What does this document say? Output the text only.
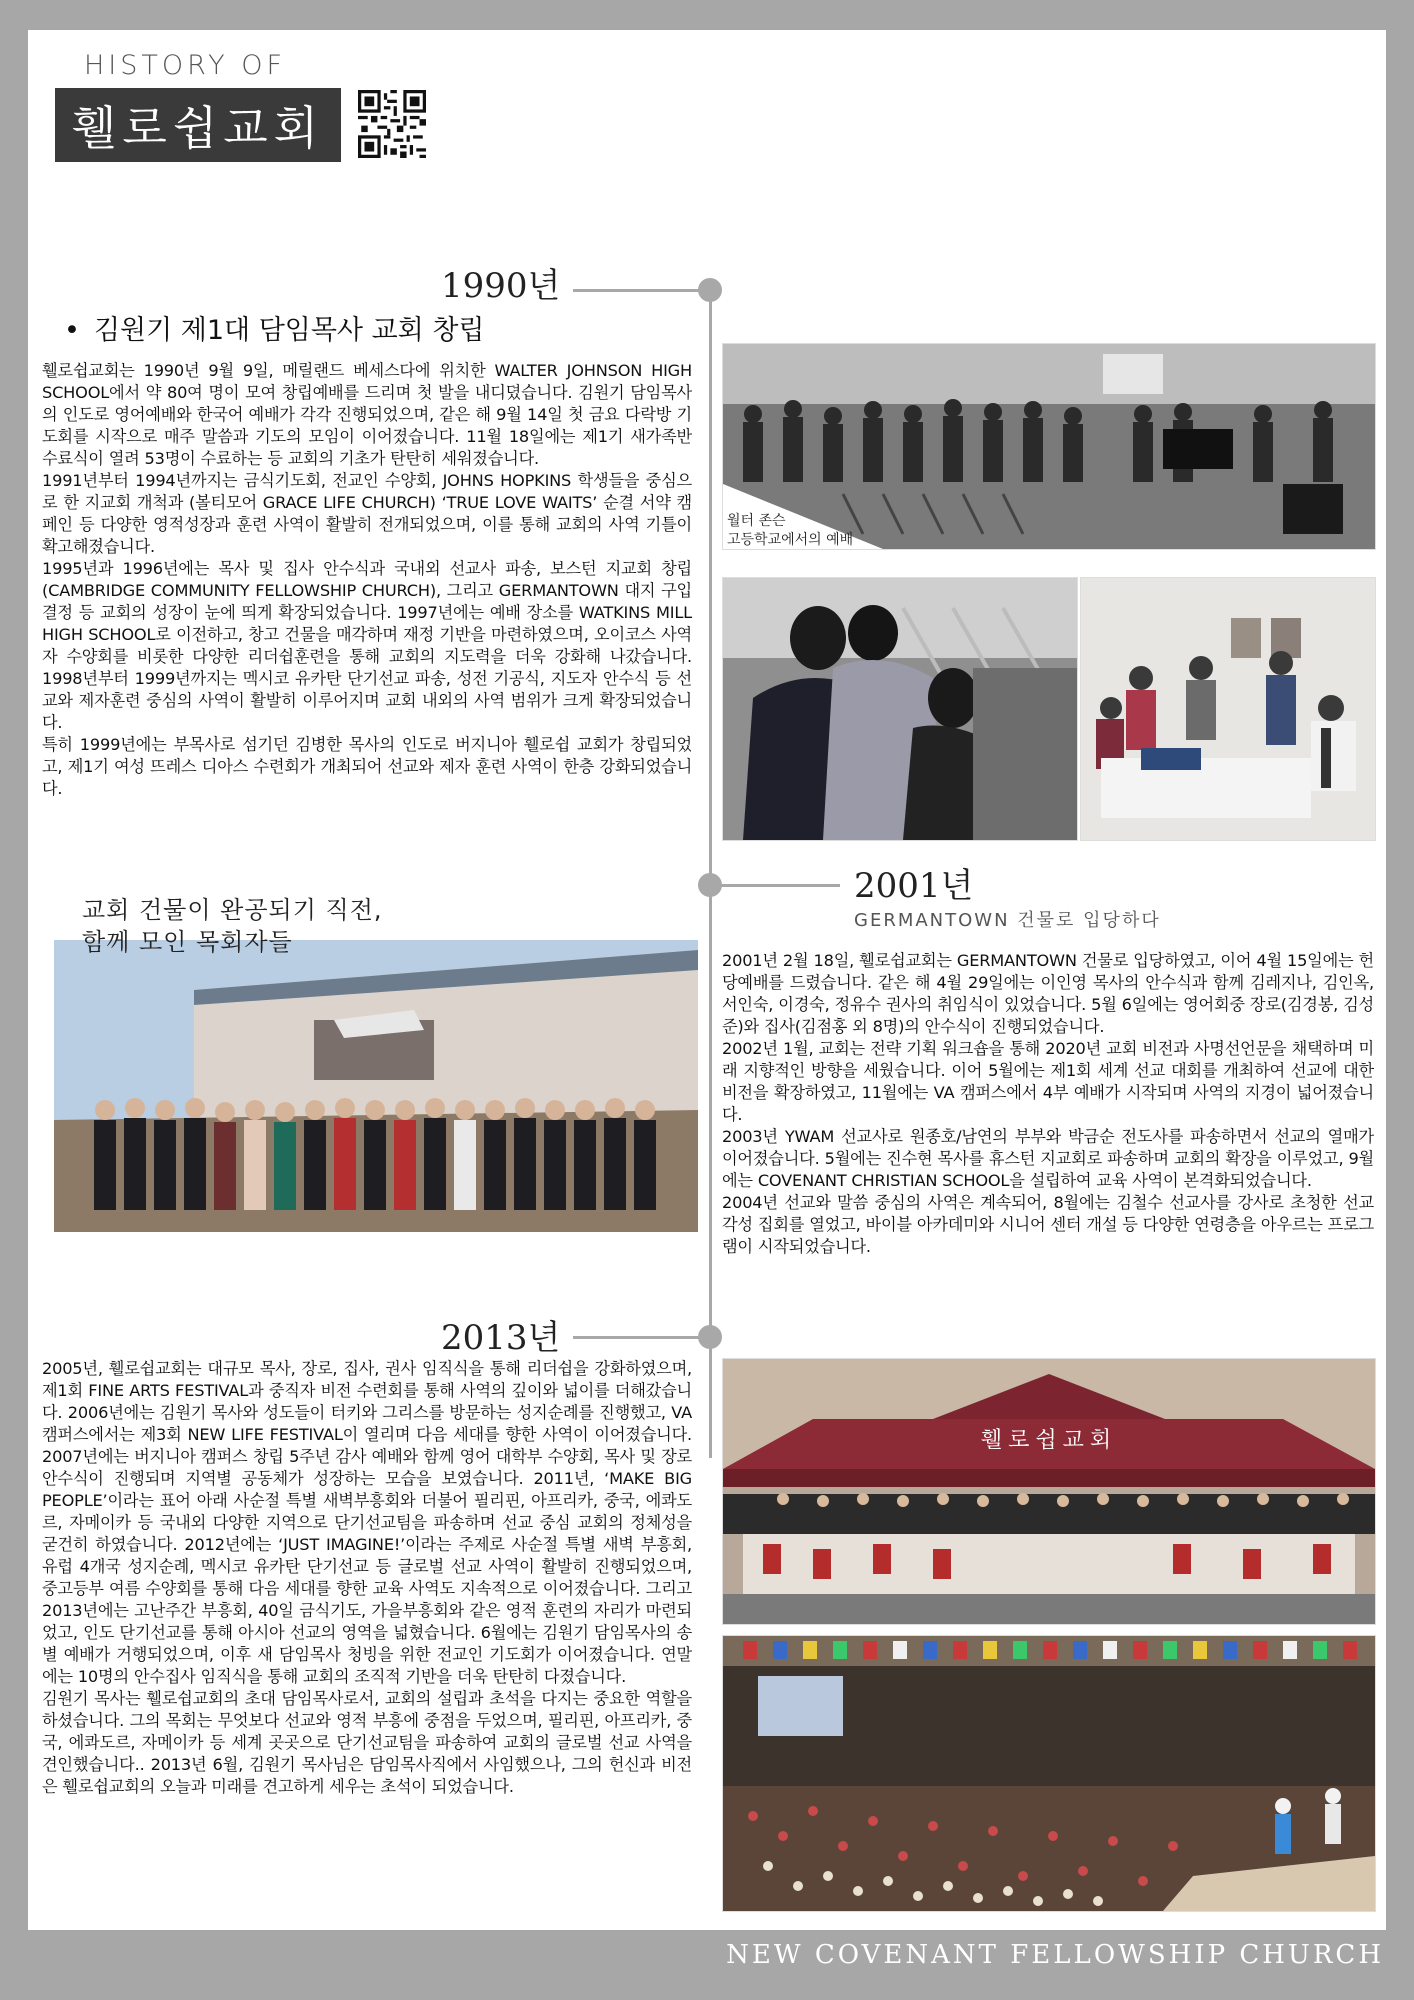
HISTORY OF
휄로쉽교회
1990년
• 김원기 제1대 담임목사 교회 창립

휄로쉽교회는 1990년 9월 9일, 메릴랜드 베세스다에 위치한 WALTER JOHNSON HIGH SCHOOL에서 약 80여 명이 모여 창립예배를 드리며 첫 발을 내디뎠습니다. 김원기 담임목사의 인도로 영어예배와 한국어 예배가 각각 진행되었으며, 같은 해 9월 14일 첫 금요 다락방 기도회를 시작으로 매주 말씀과 기도의 모임이 이어졌습니다. 11월 18일에는 제1기 새가족반 수료식이 열려 53명이 수료하는 등 교회의 기초가 탄탄히 세워졌습니다.

1991년부터 1994년까지는 금식기도회, 전교인 수양회, JOHNS HOPKINS 학생들을 중심으로 한 지교회 개척과 (볼티모어 GRACE LIFE CHURCH) ‘TRUE LOVE WAITS’ 순결 서약 캠페인 등 다양한 영적성장과 훈련 사역이 활발히 전개되었으며, 이를 통해 교회의 사역 기틀이 확고해졌습니다.

1995년과 1996년에는 목사 및 집사 안수식과 국내외 선교사 파송, 보스턴 지교회 창립(CAMBRIDGE COMMUNITY FELLOWSHIP CHURCH), 그리고 GERMANTOWN 대지 구입 결정 등 교회의 성장이 눈에 띄게 확장되었습니다. 1997년에는 예배 장소를 WATKINS MILL HIGH SCHOOL로 이전하고, 창고 건물을 매각하며 재정 기반을 마련하였으며, 오이코스 사역자 수양회를 비롯한 다양한 리더쉽훈련을 통해 교회의 지도력을 더욱 강화해 나갔습니다. 1998년부터 1999년까지는 멕시코 유카탄 단기선교 파송, 성전 기공식, 지도자 안수식 등 선교와 제자훈련 중심의 사역이 활발히 이루어지며 교회 내외의 사역 범위가 크게 확장되었습니다.

특히 1999년에는 부목사로 섬기던 김병한 목사의 인도로 버지니아 휄로쉽 교회가 창립되었고, 제1기 여성 뜨레스 디아스 수련회가 개최되어 선교와 제자 훈련 사역이 한층 강화되었습니다.

월터 존슨
고등학교에서의 예배
교회 건물이 완공되기 직전,
함께 모인 목회자들
2001년
GERMANTOWN 건물로 입당하다

2001년 2월 18일, 휄로쉽교회는 GERMANTOWN 건물로 입당하였고, 이어 4월 15일에는 헌당예배를 드렸습니다. 같은 해 4월 29일에는 이인영 목사의 안수식과 함께 김레지나, 김인옥, 서인숙, 이경숙, 정유수 권사의 취임식이 있었습니다. 5월 6일에는 영어회중 장로(김경봉, 김성준)와 집사(김점홍 외 8명)의 안수식이 진행되었습니다.

2002년 1월, 교회는 전략 기획 워크숍을 통해 2020년 교회 비전과 사명선언문을 채택하며 미래 지향적인 방향을 세웠습니다. 이어 5월에는 제1회 세계 선교 대회를 개최하여 선교에 대한 비전을 확장하였고, 11월에는 VA 캠퍼스에서 4부 예배가 시작되며 사역의 지경이 넓어졌습니다.

2003년 YWAM 선교사로 원종호/남연의 부부와 박금순 전도사를 파송하면서 선교의 열매가 이어졌습니다. 5월에는 진수현 목사를 휴스턴 지교회로 파송하며 교회의 확장을 이루었고, 9월에는 COVENANT CHRISTIAN SCHOOL을 설립하여 교육 사역이 본격화되었습니다.

2004년 선교와 말씀 중심의 사역은 계속되어, 8월에는 김철수 선교사를 강사로 초청한 선교 각성 집회를 열었고, 바이블 아카데미와 시니어 센터 개설 등 다양한 연령층을 아우르는 프로그램이 시작되었습니다.

2013년

2005년, 휄로쉽교회는 대규모 목사, 장로, 집사, 권사 임직식을 통해 리더쉽을 강화하였으며, 제1회 FINE ARTS FESTIVAL과 중직자 비전 수련회를 통해 사역의 깊이와 넓이를 더해갔습니다. 2006년에는 김원기 목사와 성도들이 터키와 그리스를 방문하는 성지순례를 진행했고, VA 캠퍼스에서는 제3회 NEW LIFE FESTIVAL이 열리며 다음 세대를 향한 사역이 이어졌습니다. 2007년에는 버지니아 캠퍼스 창립 5주년 감사 예배와 함께 영어 대학부 수양회, 목사 및 장로 안수식이 진행되며 지역별 공동체가 성장하는 모습을 보였습니다. 2011년, ‘MAKE BIG PEOPLE’이라는 표어 아래 사순절 특별 새벽부흥회와 더불어 필리핀, 아프리카, 중국, 에콰도르, 자메이카 등 국내외 다양한 지역으로 단기선교팀을 파송하며 선교 중심 교회의 정체성을 굳건히 하였습니다. 2012년에는 ‘JUST IMAGINE!’이라는 주제로 사순절 특별 새벽 부흥회, 유럽 4개국 성지순례, 멕시코 유카탄 단기선교 등 글로벌 선교 사역이 활발히 진행되었으며, 중고등부 여름 수양회를 통해 다음 세대를 향한 교육 사역도 지속적으로 이어졌습니다. 그리고 2013년에는 고난주간 부흥회, 40일 금식기도, 가을부흥회와 같은 영적 훈련의 자리가 마련되었고, 인도 단기선교를 통해 아시아 선교의 영역을 넓혔습니다. 6월에는 김원기 담임목사의 송별 예배가 거행되었으며, 이후 새 담임목사 청빙을 위한 전교인 기도회가 이어졌습니다. 연말에는 10명의 안수집사 임직식을 통해 교회의 조직적 기반을 더욱 탄탄히 다졌습니다.

김원기 목사는 휄로쉽교회의 초대 담임목사로서, 교회의 설립과 초석을 다지는 중요한 역할을 하셨습니다. 그의 목회는 무엇보다 선교와 영적 부흥에 중점을 두었으며, 필리핀, 아프리카, 중국, 에콰도르, 자메이카 등 세계 곳곳으로 단기선교팀을 파송하여 교회의 글로벌 선교 사역을 견인했습니다.. 2013년 6월, 김원기 목사님은 담임목사직에서 사임했으나, 그의 헌신과 비전은 휄로쉽교회의 오늘과 미래를 견고하게 세우는 초석이 되었습니다.

휄로쉽교회
NEW COVENANT FELLOWSHIP CHURCH
